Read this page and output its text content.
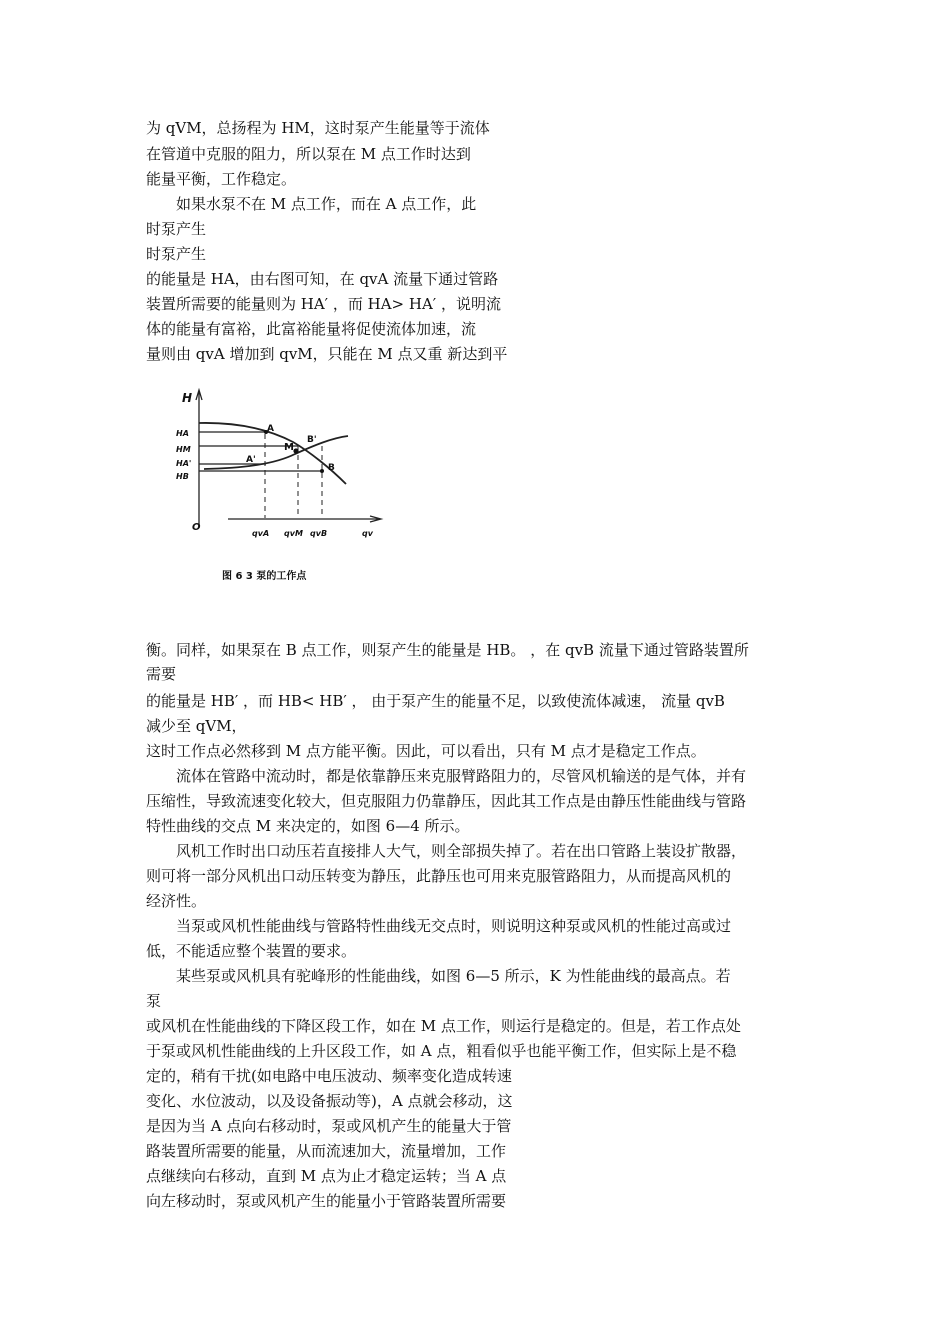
为 qVM，总扬程为 HM，这时泵产生能量等于流体
在管道中克服的阻力，所以泵在 M 点工作时达到
能量平衡，工作稳定。
如果水泵不在 M 点工作，而在 A 点工作，此
时泵产生
时泵产生
的能量是 HA，由右图可知，在 qvA 流量下通过管路
装置所需要的能量则为 HA′ ，而 HA> HA′ ，说明流
体的能量有富裕，此富裕能量将促使流体加速，流
量则由 qvA 增加到 qvM，只能在 M 点又重 新达到平
H
HA
HM
HA'
HB
O
qvA qvM qvB	qv
A
A'
M
B'
B
图 6 3 泵的工作点
衡。同样，如果泵在 B 点工作，则泵产生的能量是 HB。 ，在 qvB 流量下通过管路装置所
需要
的能量是 HB′ ，而 HB< HB′ ， 由于泵产生的能量不足，以致使流体减速， 流量 qvB
减少至 qVM，
这时工作点必然移到 M 点方能平衡。因此，可以看出，只有 M 点才是稳定工作点。
流体在管路中流动时，都是依靠静压来克服臂路阻力的，尽管风机输送的是气体，并有
压缩性，导致流速变化较大，但克服阻力仍靠静压，因此其工作点是由静压性能曲线与管路
特性曲线的交点 M 来决定的，如图 6—4 所示。
风机工作时出口动压若直接排人大气，则全部损失掉了。若在出口管路上装设扩散器，
则可将一部分风机出口动压转变为静压，此静压也可用来克服管路阻力，从而提高风机的
经济性。
当泵或风机性能曲线与管路特性曲线无交点时，则说明这种泵或风机的性能过高或过
低，不能适应整个装置的要求。
某些泵或风机具有驼峰形的性能曲线，如图 6—5 所示，K 为性能曲线的最高点。若
泵
或风机在性能曲线的下降区段工作，如在 M 点工作，则运行是稳定的。但是，若工作点处
于泵或风机性能曲线的上升区段工作，如 A 点，粗看似乎也能平衡工作，但实际上是不稳
定的，稍有干扰(如电路中电压波动、频率变化造成转速
变化、水位波动，以及设备振动等)，A 点就会移动，这
是因为当 A 点向右移动时，泵或风机产生的能量大于管
路装置所需要的能量，从而流速加大，流量增加，工作
点继续向右移动，直到 M 点为止才稳定运转；当 A 点
向左移动时，泵或风机产生的能量小于管路装置所需要
